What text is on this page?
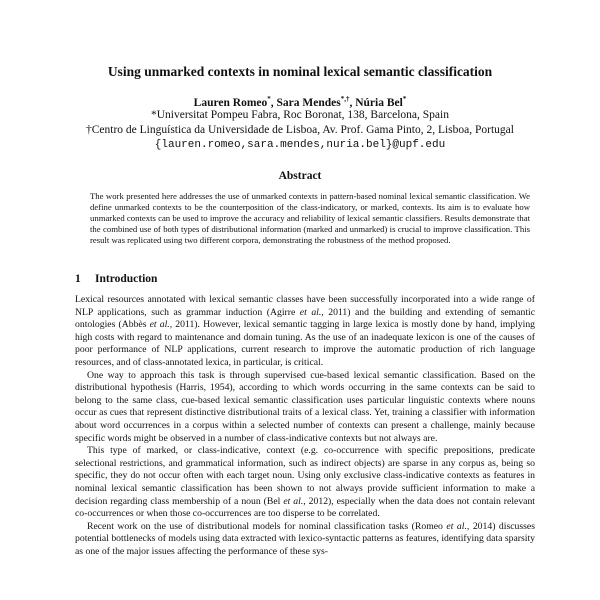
Using unmarked contexts in nominal lexical semantic classification
Lauren Romeo*, Sara Mendes*,†, Núria Bel*
*Universitat Pompeu Fabra, Roc Boronat, 138, Barcelona, Spain
†Centro de Linguística da Universidade de Lisboa, Av. Prof. Gama Pinto, 2, Lisboa, Portugal
{lauren.romeo,sara.mendes,nuria.bel}@upf.edu
Abstract
The work presented here addresses the use of unmarked contexts in pattern-based nominal lexical semantic classification. We define unmarked contexts to be the counterposition of the class-indicatory, or marked, contexts. Its aim is to evaluate how unmarked contexts can be used to improve the accuracy and reliability of lexical semantic classifiers. Results demonstrate that the combined use of both types of distributional information (marked and unmarked) is crucial to improve classification. This result was replicated using two different corpora, demonstrating the robustness of the method proposed.
1 Introduction

Lexical resources annotated with lexical semantic classes have been successfully incorporated into a wide range of NLP applications, such as grammar induction (Agirre et al., 2011) and the building and extending of semantic ontologies (Abbès et al., 2011). However, lexical semantic tagging in large lexica is mostly done by hand, implying high costs with regard to maintenance and domain tuning. As the use of an inadequate lexicon is one of the causes of poor performance of NLP applications, current research to improve the automatic production of rich language resources, and of class-annotated lexica, in particular, is critical.

One way to approach this task is through supervised cue-based lexical semantic classification. Based on the distributional hypothesis (Harris, 1954), according to which words occurring in the same contexts can be said to belong to the same class, cue-based lexical semantic classification uses particular linguistic contexts where nouns occur as cues that represent distinctive distributional traits of a lexical class. Yet, training a classifier with information about word occurrences in a corpus within a selected number of contexts can present a challenge, mainly because specific words might be observed in a number of class-indicative contexts but not always are.

This type of marked, or class-indicative, context (e.g. co-occurrence with specific prepositions, predicate selectional restrictions, and grammatical information, such as indirect objects) are sparse in any corpus as, being so specific, they do not occur often with each target noun. Using only exclusive class-indicative contexts as features in nominal lexical semantic classification has been shown to not always provide sufficient information to make a decision regarding class membership of a noun (Bel et al., 2012), especially when the data does not contain relevant co-occurrences or when those co-occurrences are too disperse to be correlated.

Recent work on the use of distributional models for nominal classification tasks (Romeo et al., 2014) discusses potential bottlenecks of models using data extracted with lexico-syntactic patterns as features, identifying data sparsity as one of the major issues affecting the performance of these sys-
